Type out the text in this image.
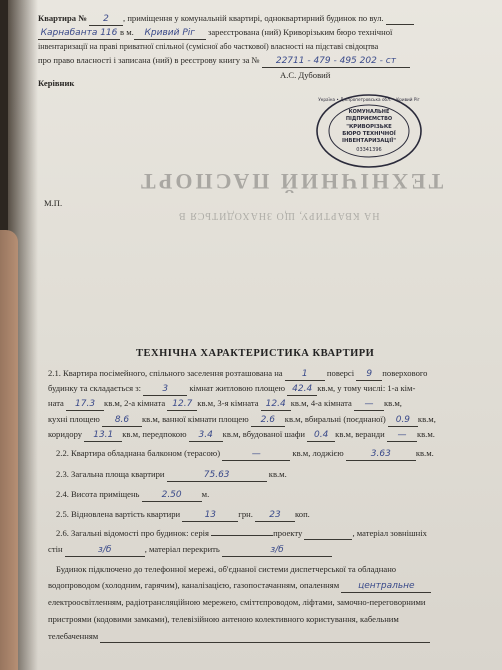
Квартира № 2 , приміщення у комунальній квартирі, одноквартирний будинок по вул.
Карнабанта 116 в м. Кривий Ріг зареєстрована (ний) Криворізьким бюро технічної
інвентаризації на праві приватної спільної (сумісної або часткової) власності на підставі свідоцтва
про право власності і записана (ний) в реєстрову книгу за № 22711 - 479 - 495 202 - ст
Керівник
А.С. Дубовий
Україна • Дніпропетровська обл. • Кривий Ріг
КОМУНАЛЬНЕ
ПІДПРИЄМСТВО
"КРИВОРІЗЬКЕ
БЮРО ТЕХНІЧНОЇ
ІНВЕНТАРИЗАЦІЇ"
03341396
ТЕХНІЧНИЙ ПАСПОРТ
НА КВАРТИРУ, ЩО ЗНАХОДИТЬСЯ В
М.П.
ТЕХНІЧНА ХАРАКТЕРИСТИКА КВАРТИРИ
2.1. Квартира посімейного, спільного заселення розташована на 1 поверсі 9 поверхового
будинку та складається з: 3 кімнат житловою площею 42.4 кв.м, у тому числі: 1-а кім-
ната 17.3 кв.м, 2-а кімната 12.7 кв.м, 3-я кімната 12.4 кв.м, 4-а кімната — кв.м,
кухні площею 8.6 кв.м, ванної кімнати площею 2.6 кв.м, вбиральні (поєднаної) 0.9 кв.м,
коридору 13.1 кв.м, передпокою 3.4 кв.м, вбудованої шафи 0.4 кв.м, веранди — кв.м.
2.2. Квартира обладнана балконом (терасою)	—	кв.м, лоджією	3.63	кв.м.
2.3. Загальна площа квартири	75.63	кв.м.
2.4. Висота приміщень 2.50 м.
2.5. Відновлена вартість квартири	13	грн. 23 коп.
2.6. Загальні відомості про будинок: серія	проекту	, матеріал зовнішніх
стін	з/б	, матеріал перекрить	з/б
Будинок підключено до телефонної мережі, об'єднаної системи диспетчерської та обладнано
водопроводом (холодним, гарячим), каналізацією, газопостачанням, опаленням центральне
електроосвітленням, радіотрансляційною мережею, сміттєпроводом, ліфтами, замочно-переговорними
пристроями (кодовими замками), телевізійною антеною колективного користування, кабельним
телебаченням
